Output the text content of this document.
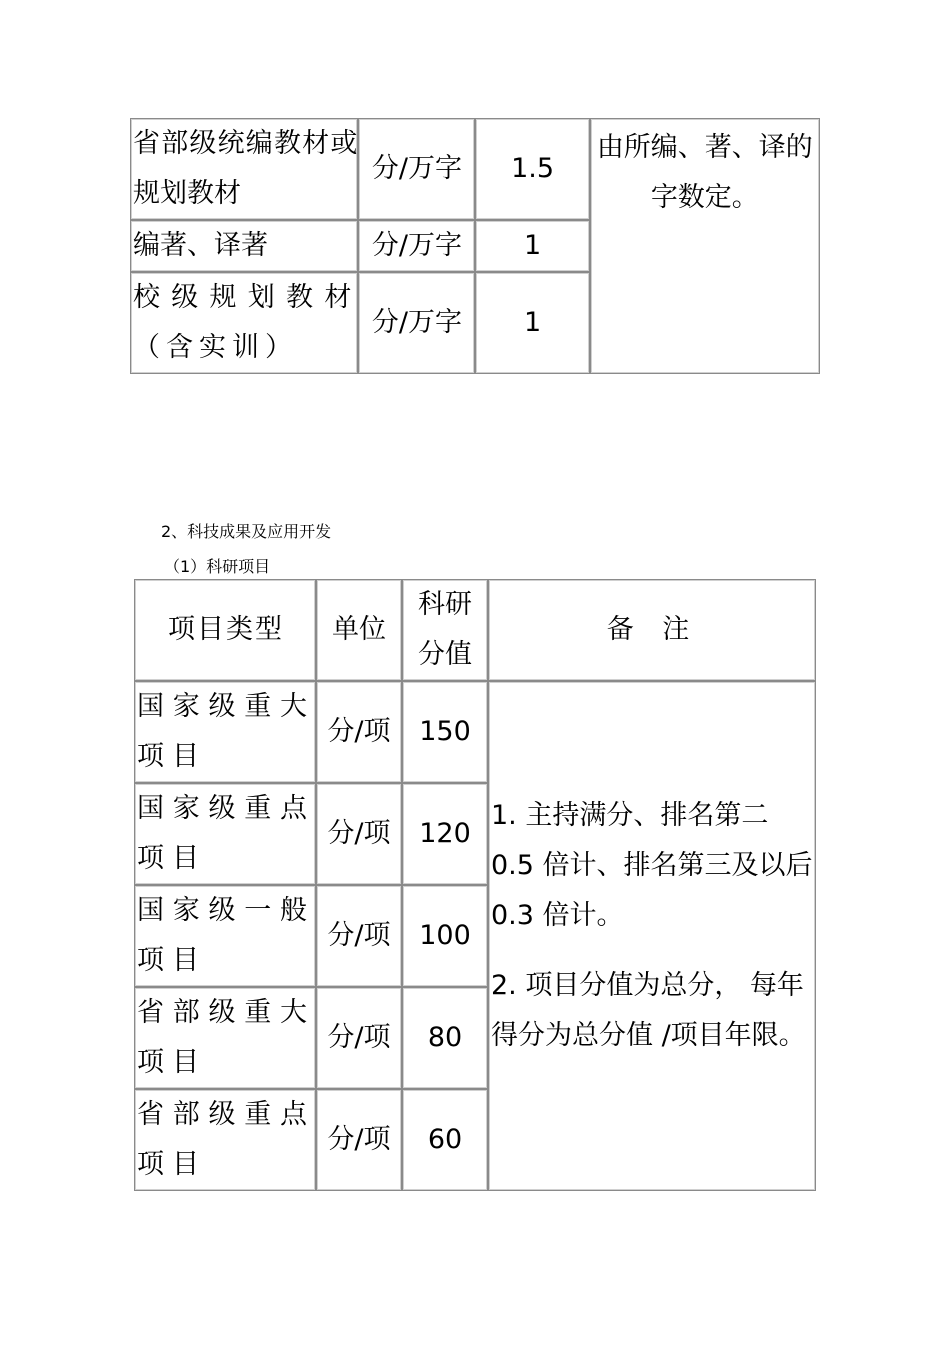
省部级统编教材或规划教材	分/万字	1.5	由所编、著、译的字数定。
编著、译著	分/万字	1	
校级规划教材（含实训）	分/万字	1	
2、科技成果及应用开发
（1）科研项目
项目类型	单位	科研分值	备 注
国家级重大项目	分/项	150	1. 主持满分、排名第二 0.5 倍计、排名第三及以后 0.3 倍计。

2. 项目分值为总分， 每年得分为总分值 /项目年限。

国家级重点项目	分/项	120	
国家级一般项目	分/项	100	
省部级重大项目	分/项	80	
省部级重点项目	分/项	60	
